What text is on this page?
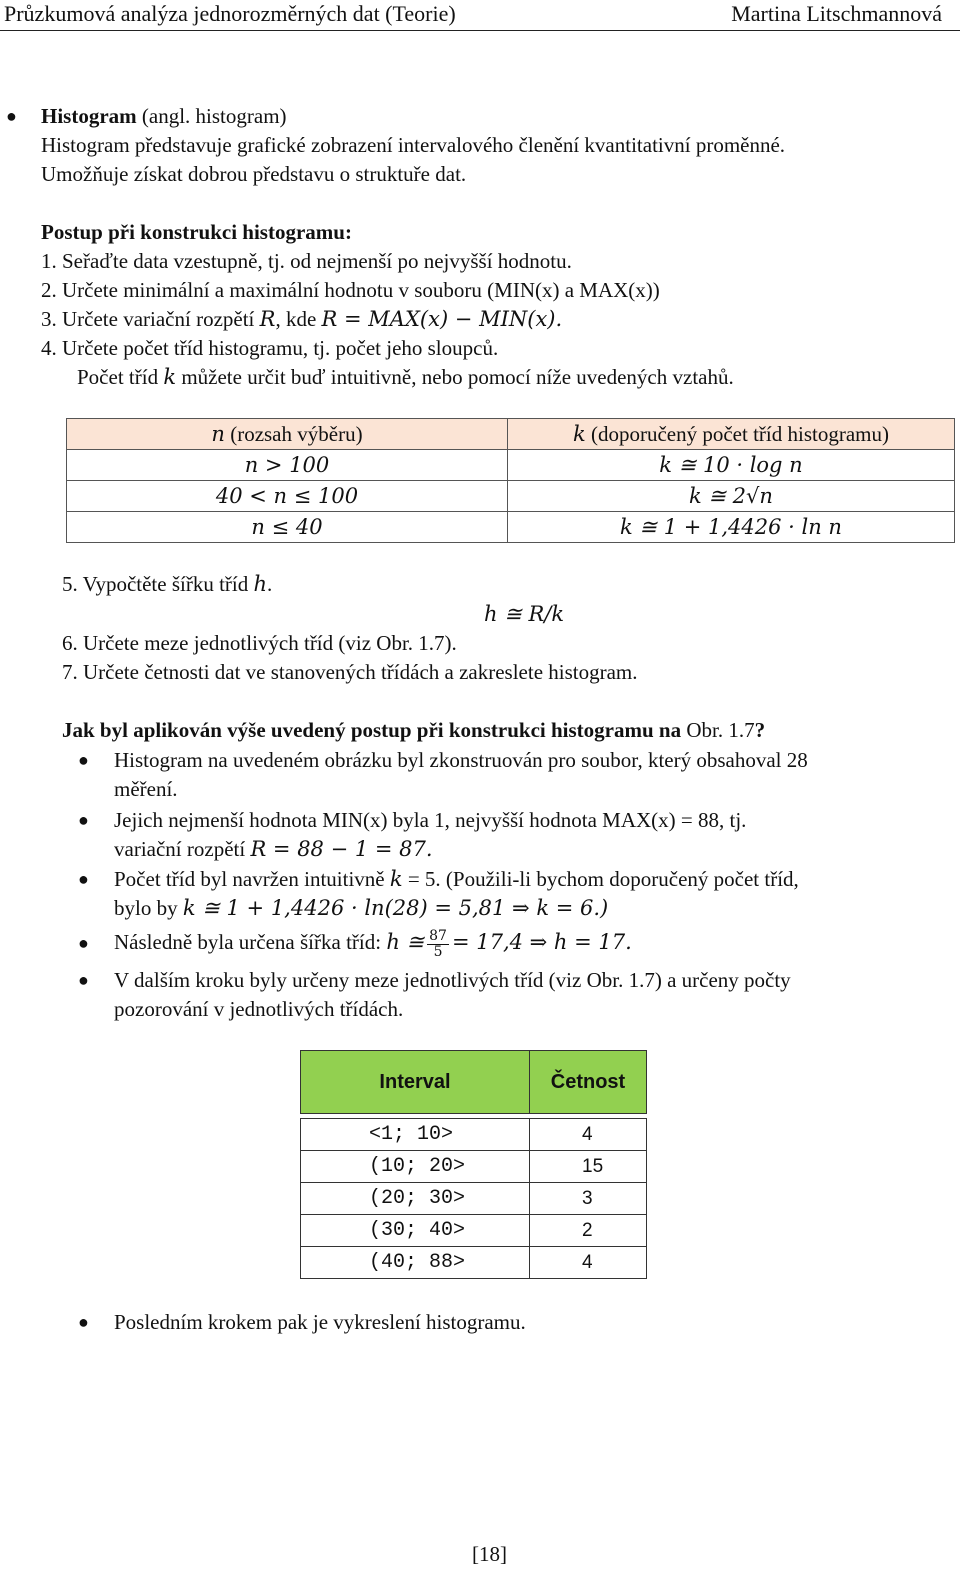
Průzkumová analýza jednorozměrných dat (Teorie)	Martina Litschmannová
● Histogram (angl. histogram)
Histogram představuje grafické zobrazení intervalového členění kvantitativní proměnné.
Umožňuje získat dobrou představu o struktuře dat.
Postup při konstrukci histogramu:
1. Seřaďte data vzestupně, tj. od nejmenší po nejvyšší hodnotu.
2. Určete minimální a maximální hodnotu v souboru (MIN(x) a MAX(x))
3. Určete variační rozpětí R, kde R = MAX(x) − MIN(x).
4. Určete počet tříd histogramu, tj. počet jeho sloupců.
Počet tříd k můžete určit buď intuitivně, nebo pomocí níže uvedených vztahů.
n (rozsah výběru)	k (doporučený počet tříd histogramu)
n > 100	k ≅ 10 · log n
40 < n ≤ 100	k ≅ 2√n
n ≤ 40	k ≅ 1 + 1,4426 · ln n
5. Vypočtěte šířku tříd h.
h ≅ R/k
6. Určete meze jednotlivých tříd (viz Obr. 1.7).
7. Určete četnosti dat ve stanovených třídách a zakreslete histogram.
Jak byl aplikován výše uvedený postup při konstrukci histogramu na Obr. 1.7?
● Histogram na uvedeném obrázku byl zkonstruován pro soubor, který obsahoval 28
měření.
● Jejich nejmenší hodnota MIN(x) byla 1, nejvyšší hodnota MAX(x) = 88, tj.
variační rozpětí R = 88 − 1 = 87.
● Počet tříd byl navržen intuitivně k = 5. (Použili-li bychom doporučený počet tříd,
bylo by k ≅ 1 + 1,4426 · ln(28) = 5,81 ⇒ k = 6.)
● Následně byla určena šířka tříd: h ≅ $\frac{87}{5} = 17,4$ ⇒ h = 17.
● V dalším kroku byly určeny meze jednotlivých tříd (viz Obr. 1.7) a určeny počty
pozorování v jednotlivých třídách.
Interval	Četnost

<1; 10>	4
(10; 20>	15
(20; 30>	3
(30; 40>	2
(40; 88>	4
● Posledním krokem pak je vykreslení histogramu.
[18]
